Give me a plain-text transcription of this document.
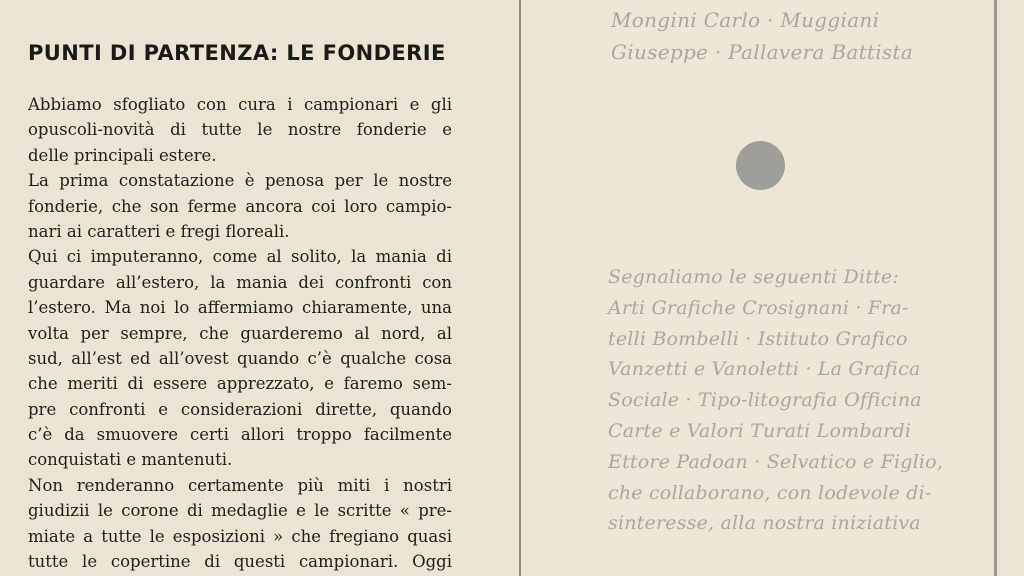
PUNTI DI PARTENZA: LE FONDERIE
Abbiamo sfogliato con cura i campionari e gli
opuscoli-novità di tutte le nostre fonderie e
delle principali estere.
La prima constatazione è penosa per le nostre
fonderie, che son ferme ancora coi loro campio-
nari ai caratteri e fregi floreali.
Qui ci imputeranno, come al solito, la mania di
guardare all’estero, la mania dei confronti con
l’estero. Ma noi lo affermiamo chiaramente, una
volta per sempre, che guarderemo al nord, al
sud, all’est ed all’ovest quando c’è qualche cosa
che meriti di essere apprezzato, e faremo sem-
pre confronti e considerazioni dirette, quando
c’è da smuovere certi allori troppo facilmente
conquistati e mantenuti.
Non renderanno certamente più miti i nostri
giudizii le corone di medaglie e le scritte « pre-
miate a tutte le esposizioni » che fregiano quasi
tutte le copertine di questi campionari. Oggi
Mongini Carlo · Muggiani
Giuseppe · Pallavera Battista
Segnaliamo le seguenti Ditte:
Arti Grafiche Crosignani · Fra-
telli Bombelli · Istituto Grafico
Vanzetti e Vanoletti · La Grafica
Sociale · Tipo-litografia Officina
Carte e Valori Turati Lombardi
Ettore Padoan · Selvatico e Figlio,
che collaborano, con lodevole di-
sinteresse, alla nostra iniziativa
